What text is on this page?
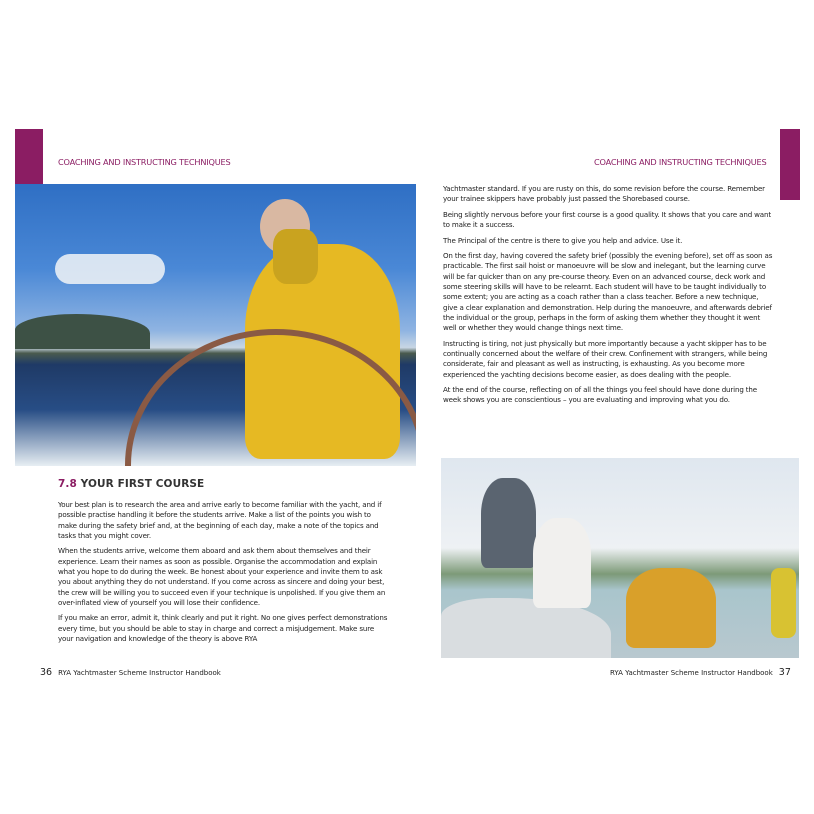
COACHING AND INSTRUCTING TECHNIQUES	COACHING AND INSTRUCTING TECHNIQUES
7.8 YOUR FIRST COURSE

Your best plan is to research the area and arrive early to become familiar with the yacht, and if possible practise handling it before the students arrive. Make a list of the points you wish to make during the safety brief and, at the beginning of each day, make a note of the topics and tasks that you might cover.

When the students arrive, welcome them aboard and ask them about themselves and their experience. Learn their names as soon as possible. Organise the accommodation and explain what you hope to do during the week. Be honest about your experience and invite them to ask you about anything they do not understand. If you come across as sincere and doing your best, the crew will be willing you to succeed even if your technique is unpolished. If you give them an over-inflated view of yourself you will lose their confidence.

If you make an error, admit it, think clearly and put it right. No one gives perfect demonstrations every time, but you should be able to stay in charge and correct a misjudgement. Make sure your navigation and knowledge of the theory is above RYA

Yachtmaster standard. If you are rusty on this, do some revision before the course. Remember your trainee skippers have probably just passed the Shorebased course.

Being slightly nervous before your first course is a good quality. It shows that you care and want to make it a success.

The Principal of the centre is there to give you help and advice. Use it.

On the first day, having covered the safety brief (possibly the evening before), set off as soon as practicable. The first sail hoist or manoeuvre will be slow and inelegant, but the learning curve will be far quicker than on any pre-course theory. Even on an advanced course, deck work and some steering skills will have to be relearnt. Each student will have to be taught individually to some extent; you are acting as a coach rather than a class teacher. Before a new technique, give a clear explanation and demonstration. Help during the manoeuvre, and afterwards debrief the individual or the group, perhaps in the form of asking them whether they thought it went well or whether they would change things next time.

Instructing is tiring, not just physically but more importantly because a yacht skipper has to be continually concerned about the welfare of their crew. Confinement with strangers, while being considerate, fair and pleasant as well as instructing, is exhausting. As you become more experienced the yachting decisions become easier, as does dealing with the people.

At the end of the course, reflecting on of all the things you feel should have done during the week shows you are conscientious – you are evaluating and improving what you do.

36 RYA Yachtmaster Scheme Instructor Handbook	RYA Yachtmaster Scheme Instructor Handbook 37
